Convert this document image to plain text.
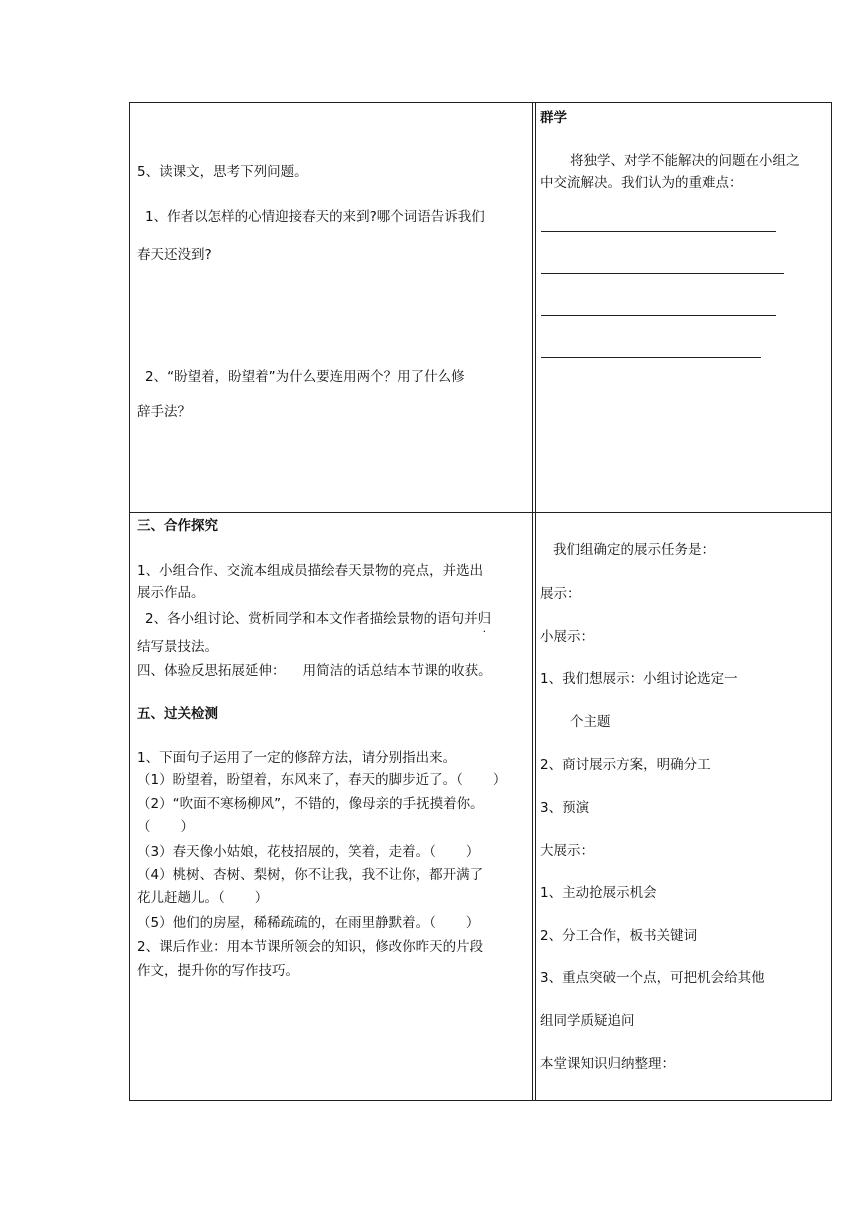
5、读课文，思考下列问题。
1、作者以怎样的心情迎接春天的来到?哪个词语告诉我们
春天还没到?
2、“盼望着，盼望着”为什么要连用两个？用了什么修
辞手法？
群学
将独学、对学不能解决的问题在小组之
中交流解决。我们认为的重难点：
三、合作探究
1、小组合作、交流本组成员描绘春天景物的亮点，并选出
展示作品。
2、各小组讨论、赏析同学和本文作者描绘景物的语句并归
结写景技法。
四、体验反思拓展延伸：    用简洁的话总结本节课的收获。
五、过关检测
1、下面句子运用了一定的修辞方法，请分别指出来。
（1）盼望着，盼望着，东风来了，春天的脚步近了。（       ）
（2）“吹面不寒杨柳风”，不错的，像母亲的手抚摸着你。
（       ）
（3）春天像小姑娘，花枝招展的，笑着，走着。（       ）
（4）桃树、杏树、梨树，你不让我，我不让你，都开满了
花儿赶趟儿。（       ）
（5）他们的房屋，稀稀疏疏的，在雨里静默着。（       ）
2、课后作业：用本节课所领会的知识，修改你昨天的片段
作文，提升你的写作技巧。
我们组确定的展示任务是：
展示：
小展示：
1、我们想展示：小组讨论选定一
个主题
2、商讨展示方案，明确分工
3、预演
大展示：
1、主动抢展示机会
2、分工合作，板书关键词
3、重点突破一个点，可把机会给其他
组同学质疑追问
本堂课知识归纳整理：
